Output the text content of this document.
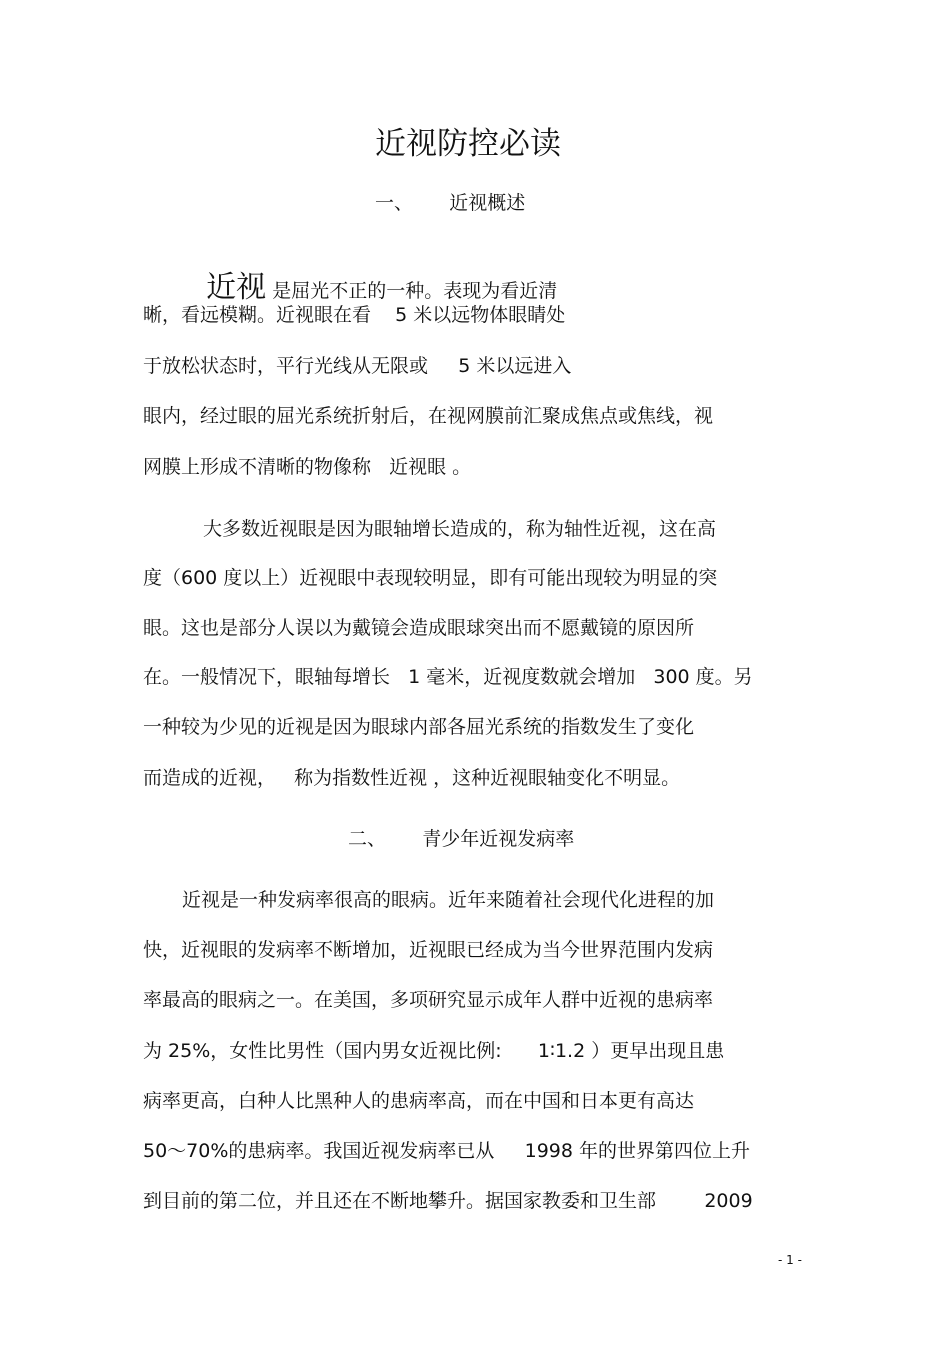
近视防控必读
一、      近视概述

近视 是屈光不正的一种。表现为看近清

晰，看远模糊。近视眼在看    5 米以远物体眼睛处
于放松状态时，平行光线从无限或     5 米以远进入
眼内，经过眼的屈光系统折射后，在视网膜前汇聚成焦点或焦线，视
网膜上形成不清晰的物像称   近视眼 。
大多数近视眼是因为眼轴增长造成的，称为轴性近视，这在高
度（600 度以上）近视眼中表现较明显，即有可能出现较为明显的突
眼。这也是部分人误以为戴镜会造成眼球突出而不愿戴镜的原因所
在。一般情况下，眼轴每增长   1 毫米，近视度数就会增加   300 度。另
一种较为少见的近视是因为眼球内部各屈光系统的指数发生了变化
而造成的近视，   称为指数性近视 ，这种近视眼轴变化不明显。
二、      青少年近视发病率
近视是一种发病率很高的眼病。近年来随着社会现代化进程的加
快，近视眼的发病率不断增加，近视眼已经成为当今世界范围内发病
率最高的眼病之一。在美国，多项研究显示成年人群中近视的患病率
为 25%，女性比男性（国内男女近视比例:      1∶1.2 ）更早出现且患
病率更高，白种人比黑种人的患病率高，而在中国和日本更有高达
50～70%的患病率。我国近视发病率已从     1998 年的世界第四位上升
到目前的第二位，并且还在不断地攀升。据国家教委和卫生部        2009
- 1 -
